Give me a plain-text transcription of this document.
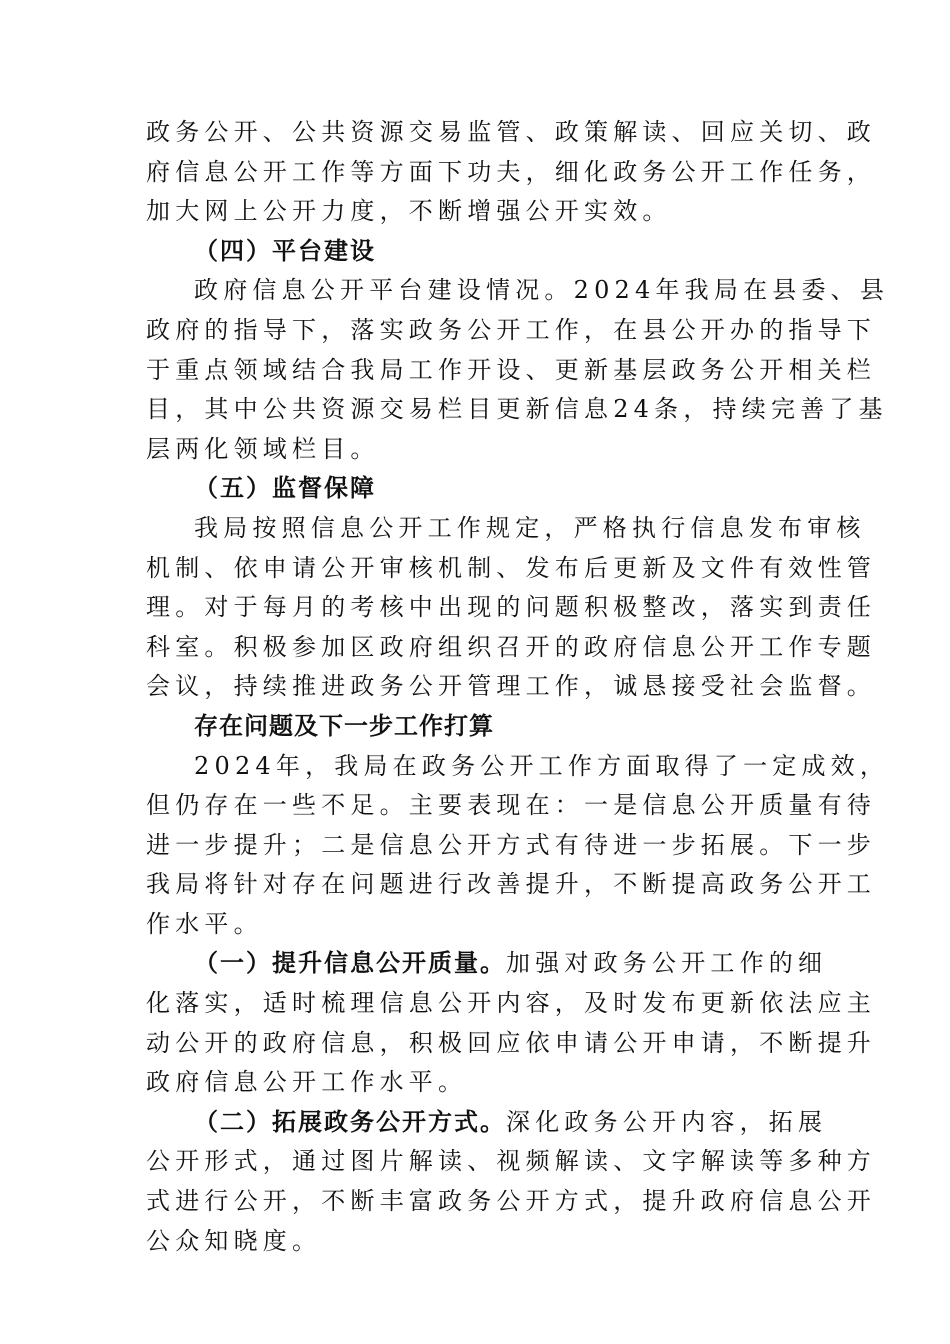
政务公开、公共资源交易监管、政策解读、回应关切、政
府信息公开工作等方面下功夫，细化政务公开工作任务，
加大网上公开力度，不断增强公开实效。
（四）平台建设
政府信息公开平台建设情况。2024年我局在县委、县
政府的指导下，落实政务公开工作，在县公开办的指导下
于重点领域结合我局工作开设、更新基层政务公开相关栏
目，其中公共资源交易栏目更新信息24条，持续完善了基
层两化领域栏目。
（五）监督保障
我局按照信息公开工作规定，严格执行信息发布审核
机制、依申请公开审核机制、发布后更新及文件有效性管
理。对于每月的考核中出现的问题积极整改，落实到责任
科室。积极参加区政府组织召开的政府信息公开工作专题
会议，持续推进政务公开管理工作，诚恳接受社会监督。
存在问题及下一步工作打算
2024年，我局在政务公开工作方面取得了一定成效，
但仍存在一些不足。主要表现在：一是信息公开质量有待
进一步提升；二是信息公开方式有待进一步拓展。下一步
我局将针对存在问题进行改善提升，不断提高政务公开工
作水平。
（一）提升信息公开质量。加强对政务公开工作的细
化落实，适时梳理信息公开内容，及时发布更新依法应主
动公开的政府信息，积极回应依申请公开申请，不断提升
政府信息公开工作水平。
（二）拓展政务公开方式。深化政务公开内容，拓展
公开形式，通过图片解读、视频解读、文字解读等多种方
式进行公开，不断丰富政务公开方式，提升政府信息公开
公众知晓度。
